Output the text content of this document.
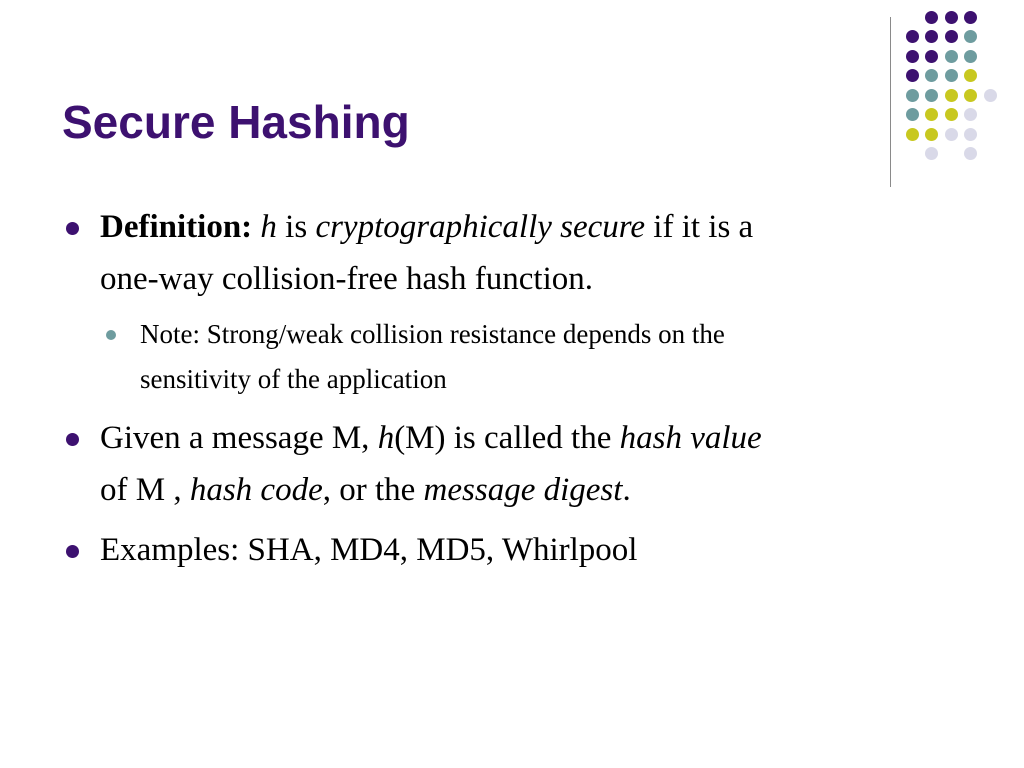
Secure Hashing
Definition: h is cryptographically secure if it is a
one-way collision-free hash function.
Note: Strong/weak collision resistance depends on the
sensitivity of the application
Given a message M, h(M) is called the hash value
of M , hash code, or the message digest.
Examples: SHA, MD4, MD5, Whirlpool
